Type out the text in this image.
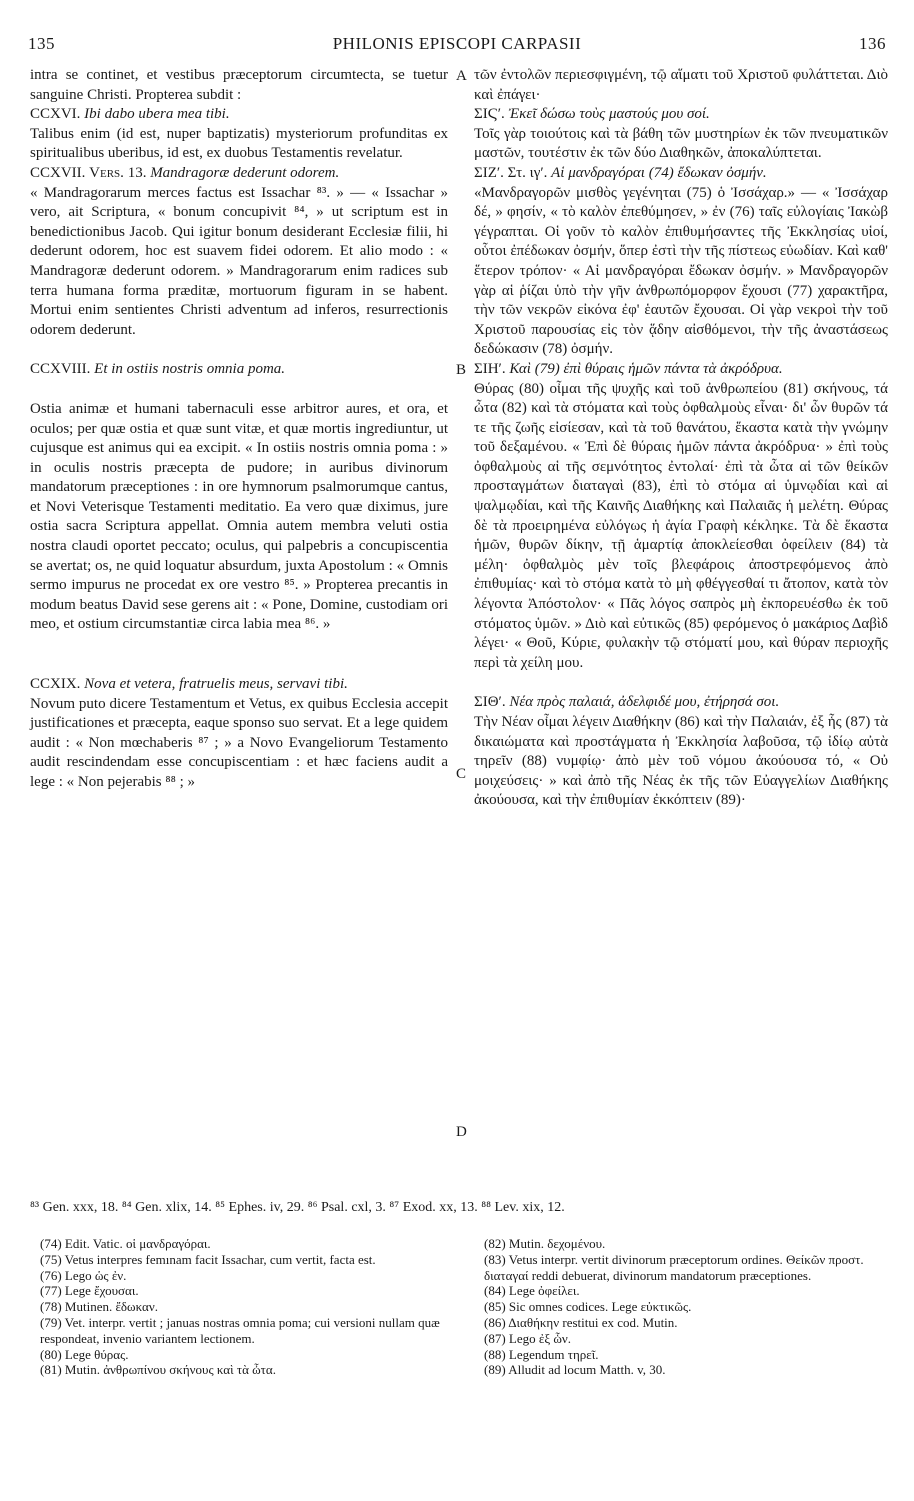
135	PHILONIS EPISCOPI CARPASII	136
A
B
C
D

intra se continet, et vestibus præceptorum circumtecta, se tuetur sanguine Christi. Propterea subdit :

CCXVI. Ibi dabo ubera mea tibi.

Talibus enim (id est, nuper baptizatis) mysteriorum profunditas ex spiritualibus uberibus, id est, ex duobus Testamentis revelatur.

CCXVII. Vers. 13. Mandragoræ dederunt odorem.

« Mandragorarum merces factus est Issachar ⁸³. » — « Issachar » vero, ait Scriptura, « bonum concupivit ⁸⁴, » ut scriptum est in benedictionibus Jacob. Qui igitur bonum desiderant Ecclesiæ filii, hi dederunt odorem, hoc est suavem fidei odorem. Et alio modo : « Mandragoræ dederunt odorem. » Mandragorarum enim radices sub terra humana forma præditæ, mortuorum figuram in se habent. Mortui enim sentientes Christi adventum ad inferos, resurrectionis odorem dederunt.

CCXVIII. Et in ostiis nostris omnia poma.

Ostia animæ et humani tabernaculi esse arbitror aures, et ora, et oculos; per quæ ostia et quæ sunt vitæ, et quæ mortis ingrediuntur, ut cujusque est animus qui ea excipit. « In ostiis nostris omnia poma : » in oculis nostris præcepta de pudore; in auribus divinorum mandatorum præceptiones : in ore hymnorum psalmorumque cantus, et Novi Veterisque Testamenti meditatio. Ea vero quæ diximus, jure ostia sacra Scriptura appellat. Omnia autem membra veluti ostia nostra claudi oportet peccato; oculus, qui palpebris a concupiscentia se avertat; os, ne quid loquatur absurdum, juxta Apostolum : « Omnis sermo impurus ne procedat ex ore vestro ⁸⁵. » Propterea precantis in modum beatus David sese gerens ait : « Pone, Domine, custodiam ori meo, et ostium circumstantiæ circa labia mea ⁸⁶. »

CCXIX. Nova et vetera, fratruelis meus, servavi tibi.

Novum puto dicere Testamentum et Vetus, ex quibus Ecclesia accepit justificationes et præcepta, eaque sponso suo servat. Et a lege quidem audit : « Non mœchaberis ⁸⁷ ; » a Novo Evangeliorum Testamento audit rescindendam esse concupiscentiam : et hæc faciens audit a lege : « Non pejerabis ⁸⁸ ; »

τῶν ἐντολῶν περιεσφιγμένη, τῷ αἵματι τοῦ Χριστοῦ φυλάττεται. Διὸ καὶ ἐπάγει·

ΣΙϚʹ. Ἐκεῖ δώσω τοὺς μαστούς μου σοί.

Τοῖς γὰρ τοιούτοις καὶ τὰ βάθη τῶν μυστηρίων ἐκ τῶν πνευματικῶν μαστῶν, τουτέστιν ἐκ τῶν δύο Διαθηκῶν, ἀποκαλύπτεται.

ΣΙΖʹ. Στ. ιγʹ. Αἱ μανδραγόραι (74) ἔδωκαν ὀσμήν.

«Μανδραγορῶν μισθὸς γεγένηται (75) ὁ Ἰσσάχαρ.» — « Ἰσσάχαρ δέ, » φησίν, « τὸ καλὸν ἐπεθύμησεν, » ἐν (76) ταῖς εὐλογίαις Ἰακὼβ γέγραπται. Οἱ γοῦν τὸ καλὸν ἐπιθυμήσαντες τῆς Ἐκκλησίας υἱοί, οὗτοι ἐπέδωκαν ὀσμήν, ὅπερ ἐστὶ τὴν τῆς πίστεως εὐωδίαν. Καὶ καθ' ἕτερον τρόπον· « Αἱ μανδραγόραι ἔδωκαν ὀσμήν. » Μανδραγορῶν γὰρ αἱ ῥίζαι ὑπὸ τὴν γῆν ἀνθρωπόμορφον ἔχουσι (77) χαρακτῆρα, τὴν τῶν νεκρῶν εἰκόνα ἐφ' ἑαυτῶν ἔχουσαι. Οἱ γὰρ νεκροὶ τὴν τοῦ Χριστοῦ παρουσίας εἰς τὸν ᾅδην αἰσθόμενοι, τὴν τῆς ἀναστάσεως δεδώκασιν (78) ὀσμήν.

ΣΙΗʹ. Καὶ (79) ἐπὶ θύραις ἡμῶν πάντα τὰ ἀκρόδρυα.

Θύρας (80) οἶμαι τῆς ψυχῆς καὶ τοῦ ἀνθρωπείου (81) σκήνους, τά ὦτα (82) καὶ τὰ στόματα καὶ τοὺς ὀφθαλμοὺς εἶναι· δι' ὧν θυρῶν τά τε τῆς ζωῆς εἰσίεσαν, καὶ τὰ τοῦ θανάτου, ἕκαστα κατὰ τὴν γνώμην τοῦ δεξαμένου. « Ἐπὶ δὲ θύραις ἡμῶν πάντα ἀκρόδρυα· » ἐπὶ τοὺς ὀφθαλμοὺς αἱ τῆς σεμνότητος ἐντολαί· ἐπὶ τὰ ὦτα αἱ τῶν θείκῶν προσταγμάτων διαταγαὶ (83), ἐπὶ τὸ στόμα αἱ ὑμνῳδίαι καὶ αἱ ψαλμῳδίαι, καὶ τῆς Καινῆς Διαθήκης καὶ Παλαιᾶς ἡ μελέτη. Θύρας δὲ τὰ προειρημένα εὐλόγως ἡ ἁγία Γραφὴ κέκληκε. Τὰ δὲ ἕκαστα ἡμῶν, θυρῶν δίκην, τῇ ἁμαρτίᾳ ἀποκλείεσθαι ὀφείλειν (84) τὰ μέλη· ὀφθαλμὸς μὲν τοῖς βλεφάροις ἀποστρεφόμενος ἀπὸ ἐπιθυμίας· καὶ τὸ στόμα κατὰ τὸ μὴ φθέγγεσθαί τι ἄτοπον, κατὰ τὸν λέγοντα Ἀπόστολον· « Πᾶς λόγος σαπρὸς μὴ ἐκπορευέσθω ἐκ τοῦ στόματος ὑμῶν. » Διὸ καὶ εὐτικῶς (85) φερόμενος ὁ μακάριος Δαβὶδ λέγει· « Θοῦ, Κύριε, φυλακὴν τῷ στόματί μου, καὶ θύραν περιοχῆς περὶ τὰ χείλη μου.

ΣΙΘʹ. Νέα πρὸς παλαιά, ἀδελφιδέ μου, ἐτήρησά σοι.

Τὴν Νέαν οἶμαι λέγειν Διαθήκην (86) καὶ τὴν Παλαιάν, ἐξ ἧς (87) τὰ δικαιώματα καὶ προστάγματα ἡ Ἐκκλησία λαβοῦσα, τῷ ἰδίῳ αὐτὰ τηρεῖν (88) νυμφίῳ· ἀπὸ μὲν τοῦ νόμου ἀκούουσα τό, « Οὐ μοιχεύσεις· » καὶ ἀπὸ τῆς Νέας ἐκ τῆς τῶν Εὐαγγελίων Διαθήκης ἀκούουσα, καὶ τὴν ἐπιθυμίαν ἐκκόπτειν (89)·

⁸³ Gen. xxx, 18. ⁸⁴ Gen. xlix, 14. ⁸⁵ Ephes. iv, 29. ⁸⁶ Psal. cxl, 3. ⁸⁷ Exod. xx, 13. ⁸⁸ Lev. xix, 12.
(74) Edit. Vatic. οἱ μανδραγόραι.
(75) Vetus interpres femınam facit Issachar, cum vertit, facta est.
(76) Lego ὡς ἐν.
(77) Lege ἔχουσαι.
(78) Mutinen. ἔδωκαν.
(79) Vet. interpr. vertit ; januas nostras omnia poma; cui versioni nullam quæ respondeat, invenio variantem lectionem.
(80) Lege θύρας.
(81) Mutin. ἀνθρωπίνου σκήνους καὶ τὰ ὦτα.
(82) Mutin. δεχομένου.
(83) Vetus interpr. vertit divinorum præceptorum ordines. Θείκῶν προστ. διαταγαί reddi debuerat, divinorum mandatorum præceptiones.
(84) Lege ὀφείλει.
(85) Sic omnes codices. Lege εὐκτικῶς.
(86) Διαθήκην restitui ex cod. Mutin.
(87) Lego ἐξ ὧν.
(88) Legendum τηρεῖ.
(89) Alludit ad locum Matth. v, 30.
